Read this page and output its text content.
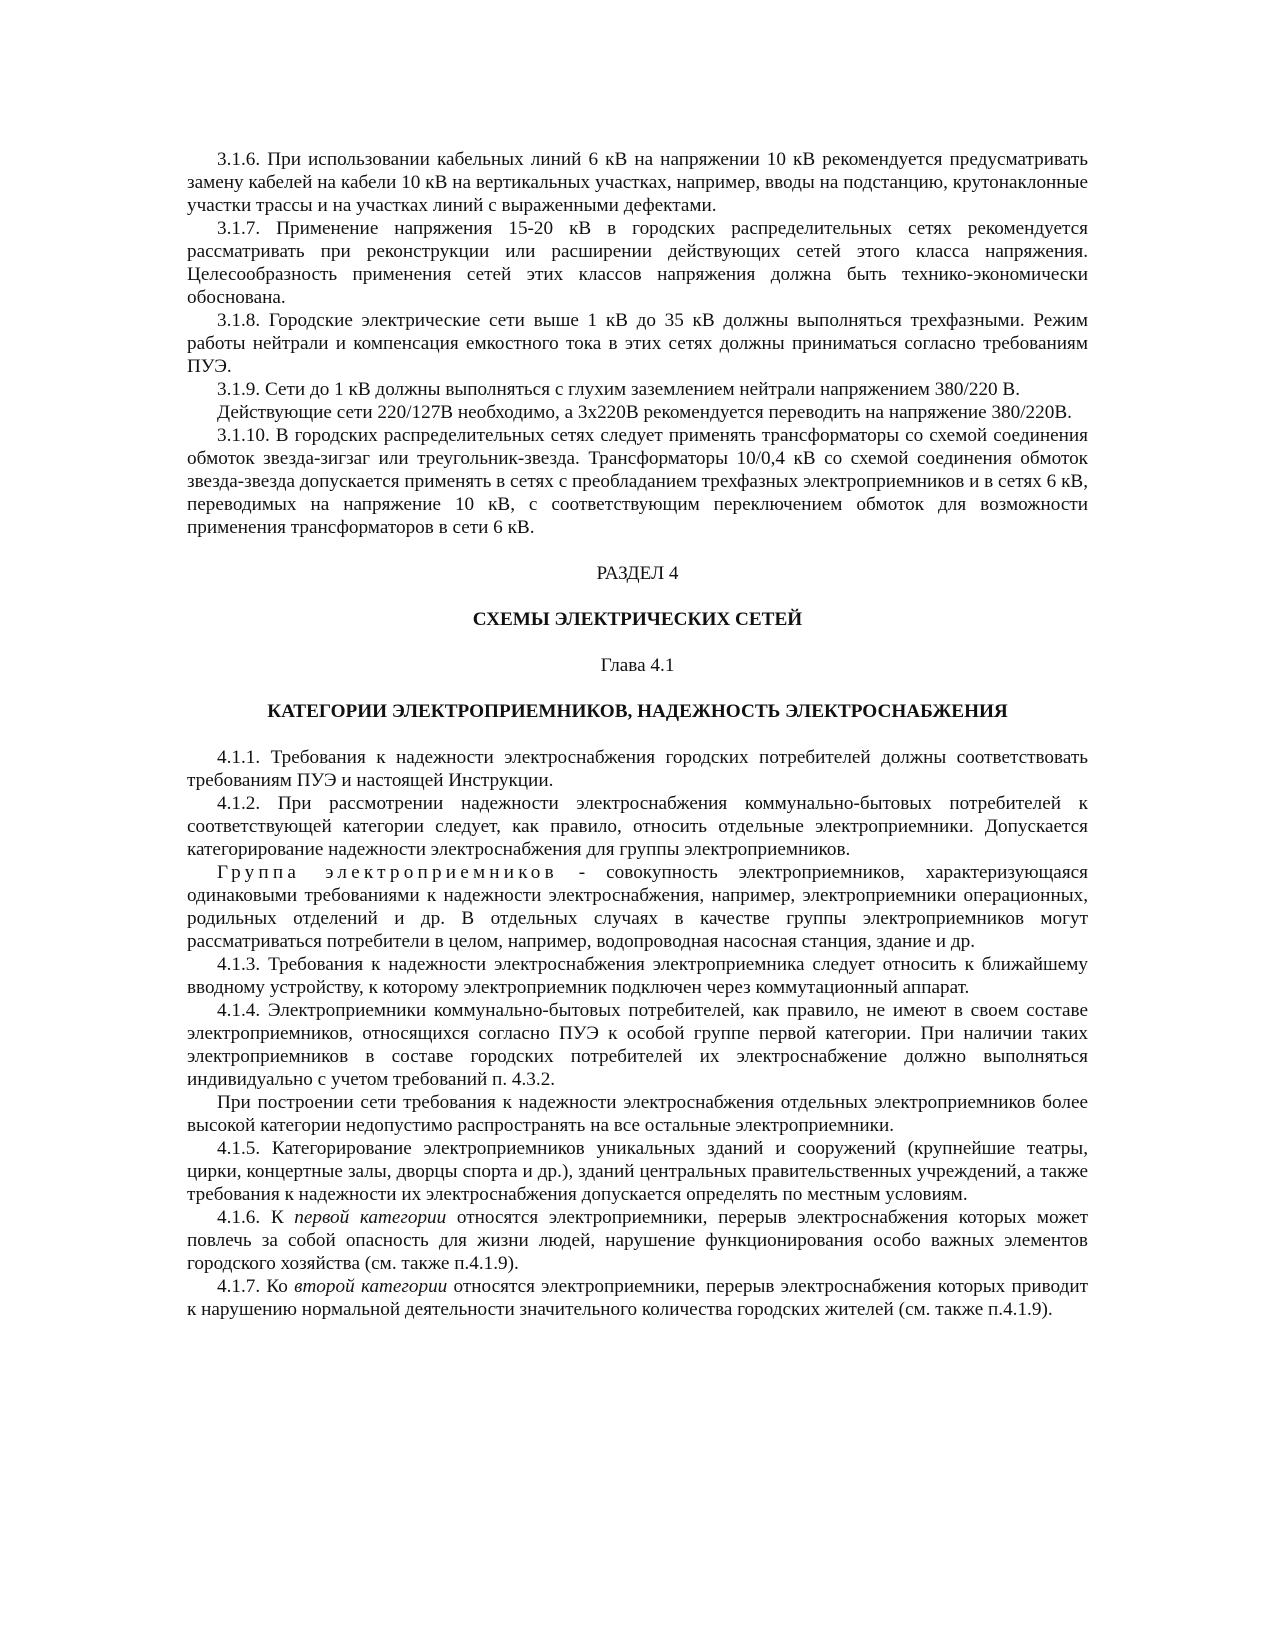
3.1.6. При использовании кабельных линий 6 кВ на напряжении 10 кВ рекомендуется предусматривать замену кабелей на кабели 10 кВ на вертикальных участках, например, вводы на подстанцию, крутонаклонные участки трассы и на участках линий с выраженными дефектами.

3.1.7. Применение напряжения 15-20 кВ в городских распределительных сетях рекомендуется рассматривать при реконструкции или расширении действующих сетей этого класса напряжения. Целесообразность применения сетей этих классов напряжения должна быть технико-экономически обоснована.

3.1.8. Городские электрические сети выше 1 кВ до 35 кВ должны выполняться трехфазными. Режим работы нейтрали и компенсация емкостного тока в этих сетях должны приниматься согласно требованиям ПУЭ.

3.1.9. Сети до 1 кВ должны выполняться с глухим заземлением нейтрали напряжением 380/220 В.

Действующие сети 220/127В необходимо, а 3х220В рекомендуется переводить на напряжение 380/220В.

3.1.10. В городских распределительных сетях следует применять трансформаторы со схемой соединения обмоток звезда-зигзаг или треугольник-звезда. Трансформаторы 10/0,4 кВ со схемой соединения обмоток звезда-звезда допускается применять в сетях с преобладанием трехфазных электроприемников и в сетях 6 кВ, переводимых на напряжение 10 кВ, с соответствующим переключением обмоток для возможности применения трансформаторов в сети 6 кВ.

РАЗДЕЛ 4

СХЕМЫ ЭЛЕКТРИЧЕСКИХ СЕТЕЙ

Глава 4.1

КАТЕГОРИИ ЭЛЕКТРОПРИЕМНИКОВ, НАДЕЖНОСТЬ ЭЛЕКТРОСНАБЖЕНИЯ

4.1.1. Требования к надежности электроснабжения городских потребителей должны соответствовать требованиям ПУЭ и настоящей Инструкции.

4.1.2. При рассмотрении надежности электроснабжения коммунально-бытовых потребителей к соответствующей категории следует, как правило, относить отдельные электроприемники. Допускается категорирование надежности электроснабжения для группы электроприемников.

Группа электроприемников - совокупность электроприемников, характеризующаяся одинаковыми требованиями к надежности электроснабжения, например, электроприемники операционных, родильных отделений и др. В отдельных случаях в качестве группы электроприемников могут рассматриваться потребители в целом, например, водопроводная насосная станция, здание и др.

4.1.3. Требования к надежности электроснабжения электроприемника следует относить к ближайшему вводному устройству, к которому электроприемник подключен через коммутационный аппарат.

4.1.4. Электроприемники коммунально-бытовых потребителей, как правило, не имеют в своем составе электроприемников, относящихся согласно ПУЭ к особой группе первой категории. При наличии таких электроприемников в составе городских потребителей их электроснабжение должно выполняться индивидуально с учетом требований п. 4.3.2.

При построении сети требования к надежности электроснабжения отдельных электроприемников более высокой категории недопустимо распространять на все остальные электроприемники.

4.1.5. Категорирование электроприемников уникальных зданий и сооружений (крупнейшие театры, цирки, концертные залы, дворцы спорта и др.), зданий центральных правительственных учреждений, а также требования к надежности их электроснабжения допускается определять по местным условиям.

4.1.6. К первой категории относятся электроприемники, перерыв электроснабжения которых может повлечь за собой опасность для жизни людей, нарушение функционирования особо важных элементов городского хозяйства (см. также п.4.1.9).

4.1.7. Ко второй категории относятся электроприемники, перерыв электроснабжения которых приводит к нарушению нормальной деятельности значительного количества городских жителей (см. также п.4.1.9).
